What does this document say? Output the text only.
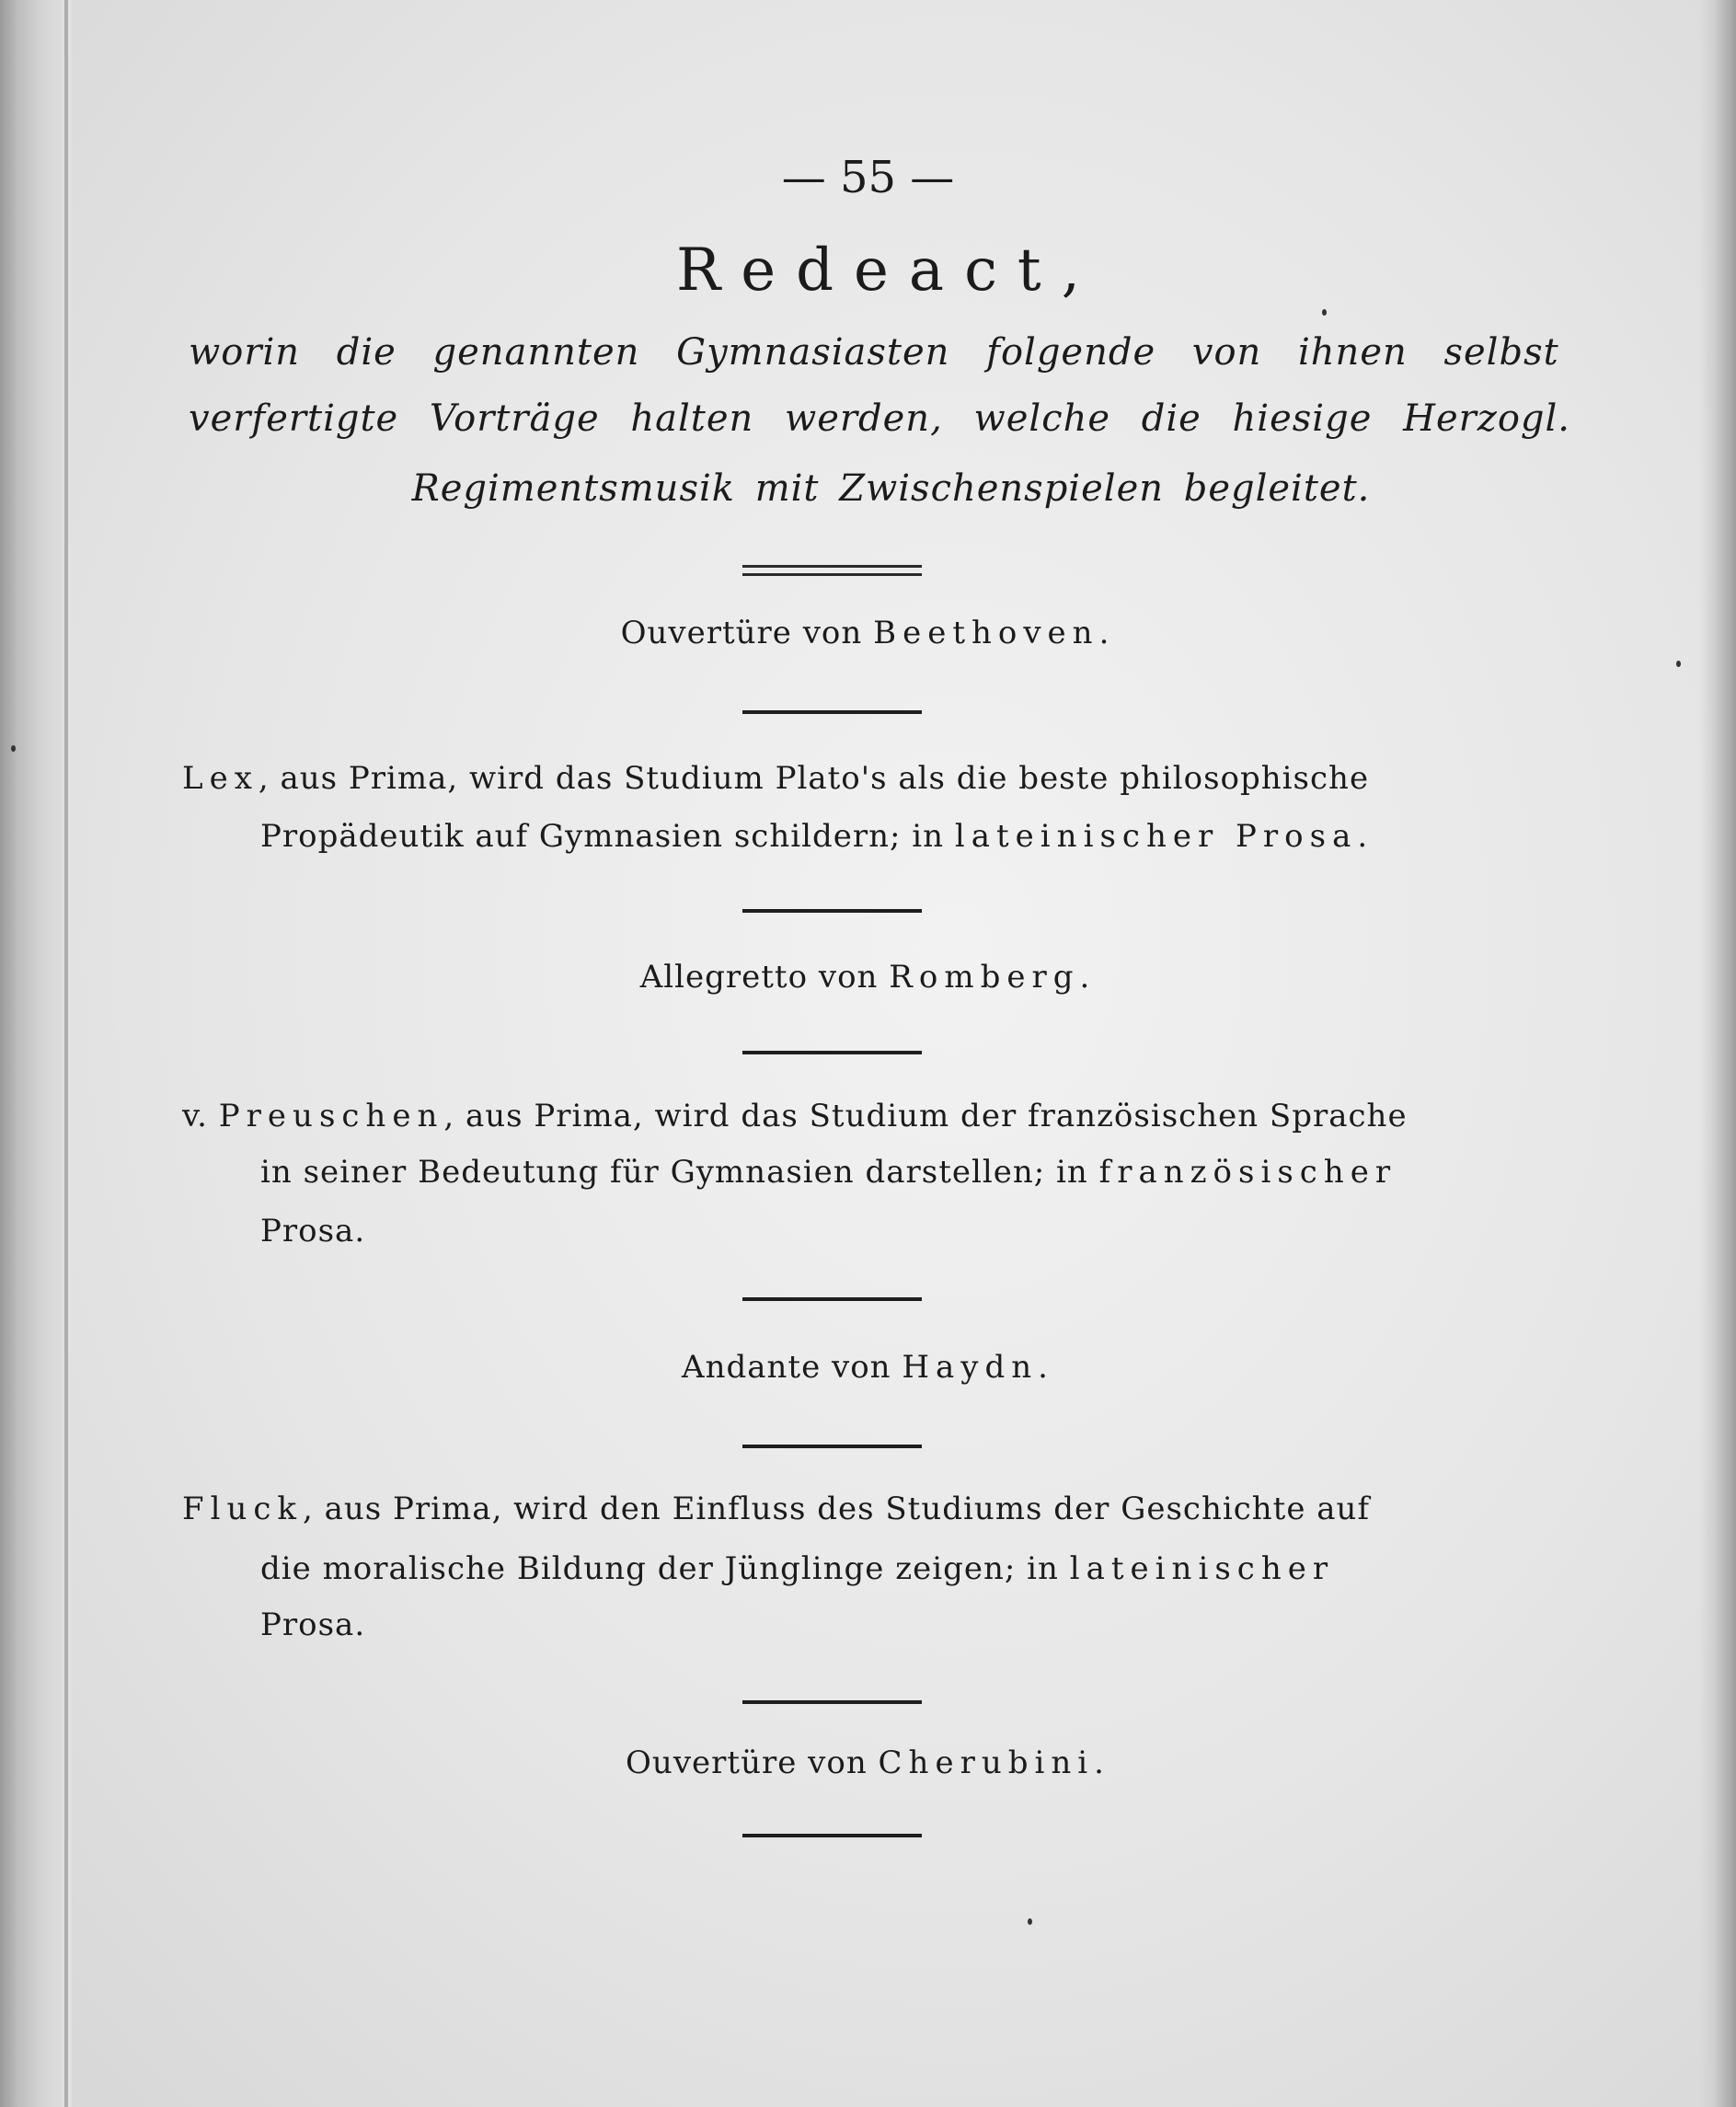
— 55 —
Redeact,
worin die genannten Gymnasiasten folgende von ihnen selbst
verfertigte Vorträge halten werden, welche die hiesige Herzogl.
Regimentsmusik mit Zwischenspielen begleitet.
Ouvertüre von Beethoven.
Lex, aus Prima, wird das Studium Plato's als die beste philosophische
Propädeutik auf Gymnasien schildern; in lateinischer Prosa.
Allegretto von Romberg.
v. Preuschen, aus Prima, wird das Studium der französischen Sprache
in seiner Bedeutung für Gymnasien darstellen; in französischer
Prosa.
Andante von Haydn.
Fluck, aus Prima, wird den Einfluss des Studiums der Geschichte auf
die moralische Bildung der Jünglinge zeigen; in lateinischer
Prosa.
Ouvertüre von Cherubini.
